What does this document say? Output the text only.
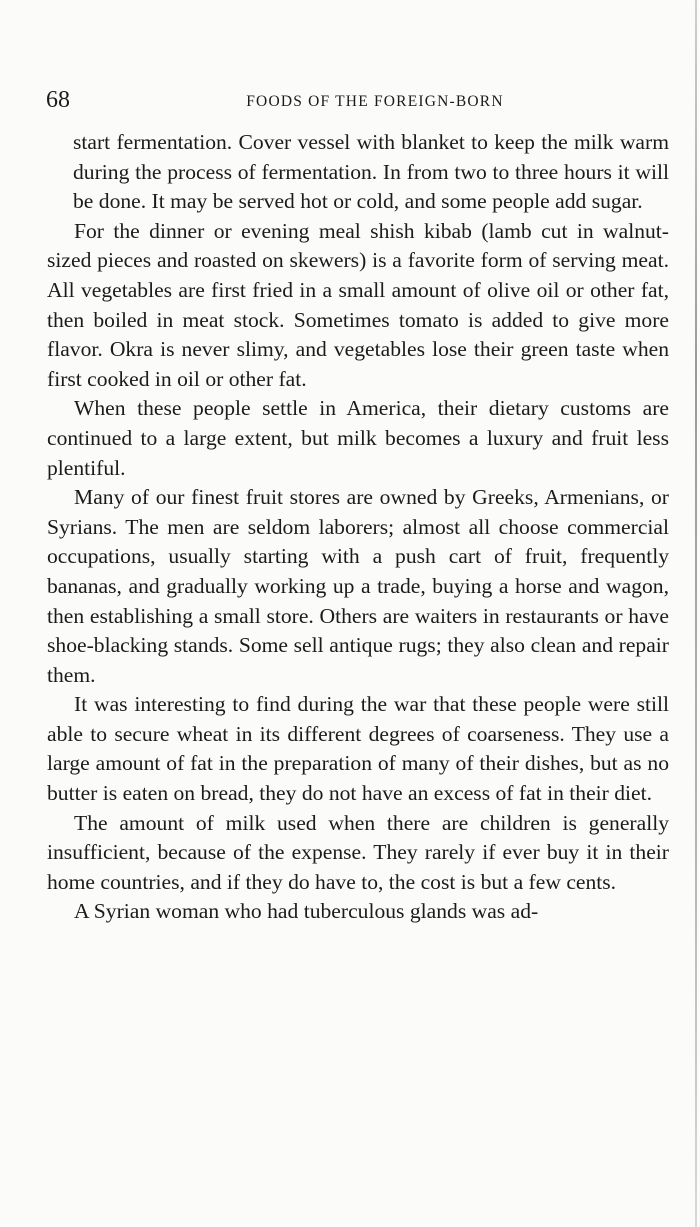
68	FOODS OF THE FOREIGN-BORN

start fermentation. Cover vessel with blanket to keep the milk warm during the process of fermentation. In from two to three hours it will be done. It may be served hot or cold, and some people add sugar.

For the dinner or evening meal shish kibab (lamb cut in walnut-sized pieces and roasted on skewers) is a favorite form of serving meat. All vegetables are first fried in a small amount of olive oil or other fat, then boiled in meat stock. Sometimes tomato is added to give more flavor. Okra is never slimy, and vegetables lose their green taste when first cooked in oil or other fat.

When these people settle in America, their dietary customs are continued to a large extent, but milk becomes a luxury and fruit less plentiful.

Many of our finest fruit stores are owned by Greeks, Armenians, or Syrians. The men are seldom laborers; almost all choose commercial occupations, usually starting with a push cart of fruit, frequently bananas, and gradually working up a trade, buying a horse and wagon, then establishing a small store. Others are waiters in restaurants or have shoe-blacking stands. Some sell antique rugs; they also clean and repair them.

It was interesting to find during the war that these people were still able to secure wheat in its different degrees of coarseness. They use a large amount of fat in the preparation of many of their dishes, but as no butter is eaten on bread, they do not have an excess of fat in their diet.

The amount of milk used when there are children is generally insufficient, because of the expense. They rarely if ever buy it in their home countries, and if they do have to, the cost is but a few cents.

A Syrian woman who had tuberculous glands was ad-
